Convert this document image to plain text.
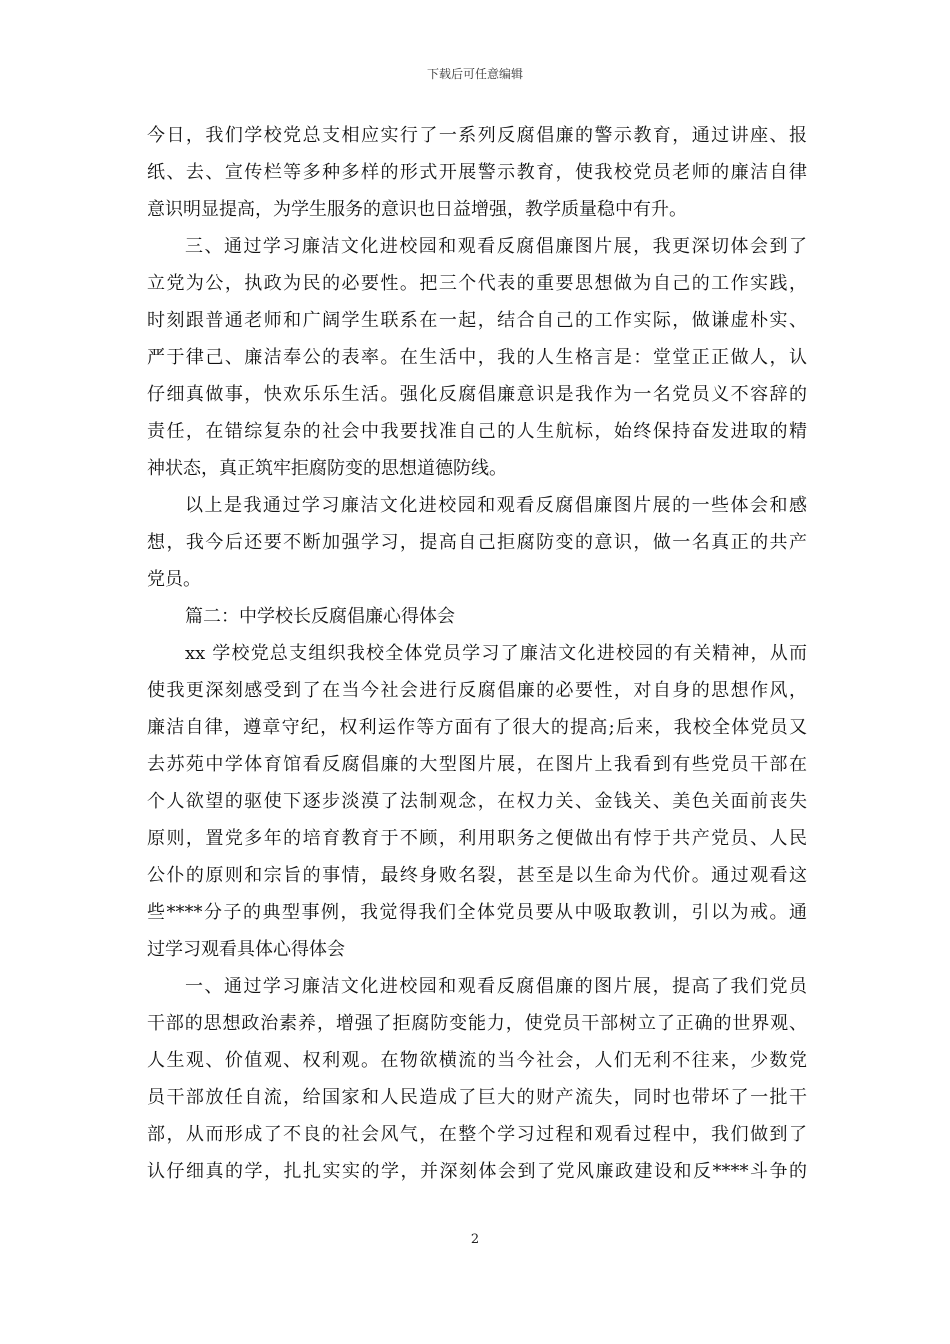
下载后可任意编辑
今日，我们学校党总支相应实行了一系列反腐倡廉的警示教育，通过讲座、报
纸、去、宣传栏等多种多样的形式开展警示教育，使我校党员老师的廉洁自律
意识明显提高，为学生服务的意识也日益增强，教学质量稳中有升。
三、通过学习廉洁文化进校园和观看反腐倡廉图片展，我更深切体会到了
立党为公，执政为民的必要性。把三个代表的重要思想做为自己的工作实践，
时刻跟普通老师和广阔学生联系在一起，结合自己的工作实际，做谦虚朴实、
严于律己、廉洁奉公的表率。在生活中，我的人生格言是：堂堂正正做人，认
仔细真做事，快欢乐乐生活。强化反腐倡廉意识是我作为一名党员义不容辞的
责任，在错综复杂的社会中我要找准自己的人生航标，始终保持奋发进取的精
神状态，真正筑牢拒腐防变的思想道德防线。
以上是我通过学习廉洁文化进校园和观看反腐倡廉图片展的一些体会和感
想，我今后还要不断加强学习，提高自己拒腐防变的意识，做一名真正的共产
党员。
篇二：中学校长反腐倡廉心得体会
xx 学校党总支组织我校全体党员学习了廉洁文化进校园的有关精神，从而
使我更深刻感受到了在当今社会进行反腐倡廉的必要性，对自身的思想作风，
廉洁自律，遵章守纪，权利运作等方面有了很大的提高;后来，我校全体党员又
去苏苑中学体育馆看反腐倡廉的大型图片展，在图片上我看到有些党员干部在
个人欲望的驱使下逐步淡漠了法制观念，在权力关、金钱关、美色关面前丧失
原则，置党多年的培育教育于不顾，利用职务之便做出有悖于共产党员、人民
公仆的原则和宗旨的事情，最终身败名裂，甚至是以生命为代价。通过观看这
些****分子的典型事例，我觉得我们全体党员要从中吸取教训，引以为戒。通
过学习观看具体心得体会
一、通过学习廉洁文化进校园和观看反腐倡廉的图片展，提高了我们党员
干部的思想政治素养，增强了拒腐防变能力，使党员干部树立了正确的世界观、
人生观、价值观、权利观。在物欲横流的当今社会，人们无利不往来，少数党
员干部放任自流，给国家和人民造成了巨大的财产流失，同时也带坏了一批干
部，从而形成了不良的社会风气，在整个学习过程和观看过程中，我们做到了
认仔细真的学，扎扎实实的学，并深刻体会到了党风廉政建设和反****斗争的
2
